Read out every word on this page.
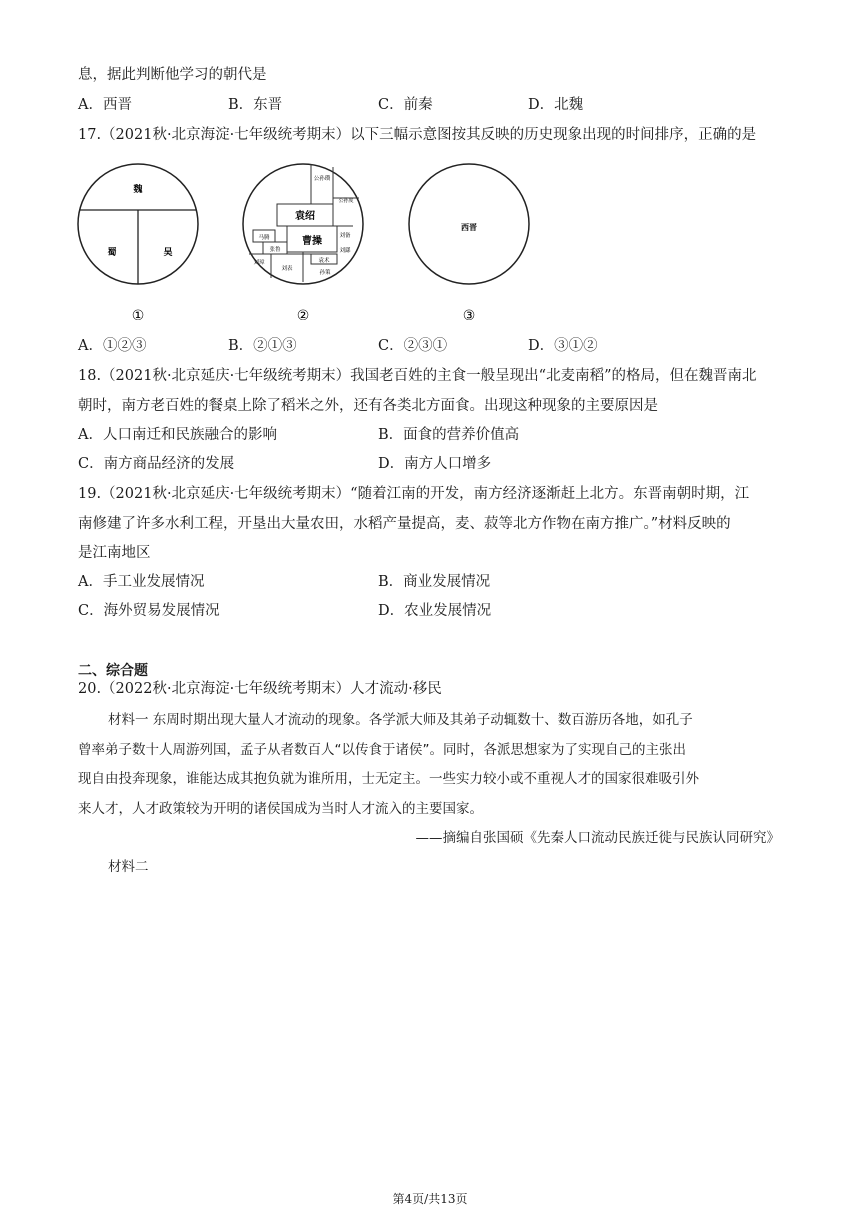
息，据此判断他学习的朝代是
A．西晋	B．东晋	C．前秦	D．北魏
17.（2021秋·北京海淀·七年级统考期末）以下三幅示意图按其反映的历史现象出现的时间排序，正确的是
魏
蜀	吴
①
公孙瓒
公孙度
袁绍
曹操
马腾
张鲁
刘备
袁术
刘表
孙策
刘繇
刘璋
②
西晋
③
A．①②③	B．②①③	C．②③①	D．③①②
18.（2021秋·北京延庆·七年级统考期末）我国老百姓的主食一般呈现出“北麦南稻”的格局，但在魏晋南北
朝时，南方老百姓的餐桌上除了稻米之外，还有各类北方面食。出现这种现象的主要原因是
A．人口南迁和民族融合的影响	B．面食的营养价值高
C．南方商品经济的发展	D．南方人口增多
19.（2021秋·北京延庆·七年级统考期末）“随着江南的开发，南方经济逐渐赶上北方。东晋南朝时期，江
南修建了许多水利工程，开垦出大量农田，水稻产量提高，麦、菽等北方作物在南方推广。”材料反映的
是江南地区
A．手工业发展情况	B．商业发展情况
C．海外贸易发展情况	D．农业发展情况
二、综合题
20.（2022秋·北京海淀·七年级统考期末）人才流动·移民
材料一 东周时期出现大量人才流动的现象。各学派大师及其弟子动辄数十、数百游历各地，如孔子
曾率弟子数十人周游列国，孟子从者数百人“以传食于诸侯”。同时，各派思想家为了实现自己的主张出
现自由投奔现象，谁能达成其抱负就为谁所用，士无定主。一些实力较小或不重视人才的国家很难吸引外
来人才，人才政策较为开明的诸侯国成为当时人才流入的主要国家。
——摘编自张国硕《先秦人口流动民族迁徙与民族认同研究》
材料二
第4页/共13页
